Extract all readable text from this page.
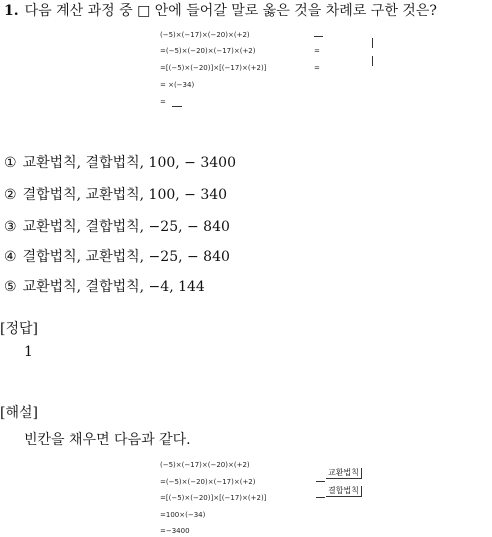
1. 다음 계산 과정 중 □ 안에 들어갈 말로 옳은 것을 차례로 구한 것은?
(−5)×(−17)×(−20)×(+2)
=(−5)×(−20)×(−17)×(+2)
=[(−5)×(−20)]×[(−17)×(+2)]
= ×(−34)
=
=
=
① 교환법칙, 결합법칙, 100, − 3400
② 결합법칙, 교환법칙, 100, − 340
③ 교환법칙, 결합법칙, −25, − 840
④ 결합법칙, 교환법칙, −25, − 840
⑤ 교환법칙, 결합법칙, −4, 144
[정답]
1
[해설]
빈칸을 채우면 다음과 같다.
(−5)×(−17)×(−20)×(+2)
=(−5)×(−20)×(−17)×(+2)
=[(−5)×(−20)]×[(−17)×(+2)]
=100×(−34)
=−3400
교환법칙
결합법칙
